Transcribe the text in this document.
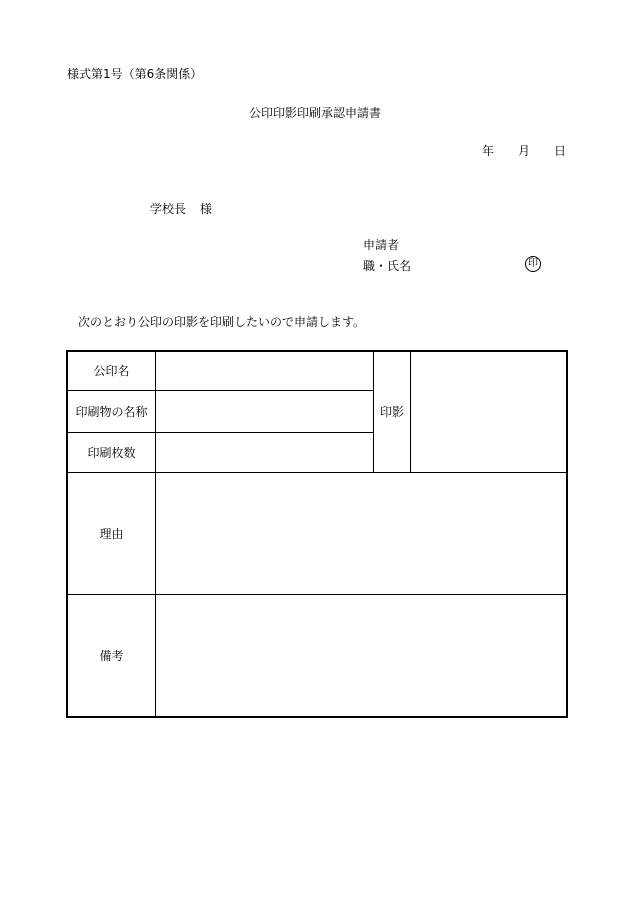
様式第1号（第6条関係）
公印印影印刷承認申請書
年 月 日
学校長 様
申請者
職・氏名	印
次のとおり公印の印影を印刷したいので申請します。
公印名
印刷物の名称
印刷枚数
印影
理由
備考
